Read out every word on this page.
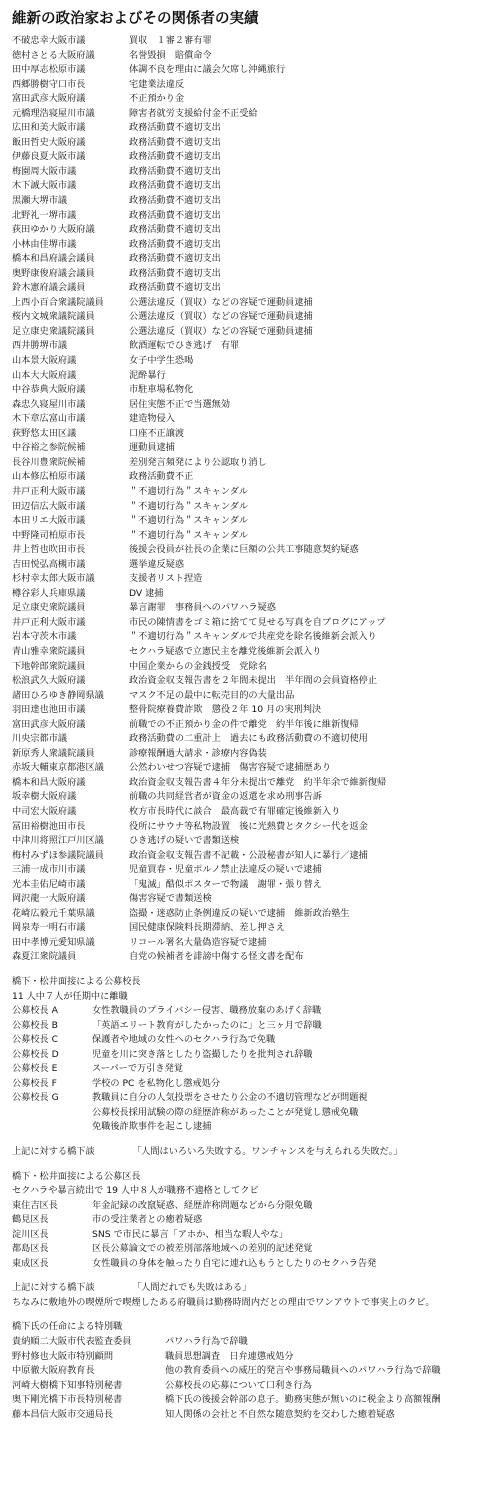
維新の政治家およびその関係者の実績
不破忠幸大阪市議	買収　１審２審有罪
徳村さとる大阪府議	名誉毀損　賠償命令
田中厚志松原市議	体調不良を理由に議会欠席し沖縄旅行
西郷勝樹守口市長	宅建業法違反
富田武彦大阪府議	不正預かり金
元橋理浩寝屋川市議	障害者就労支援給付金不正受給
広田和美大阪市議	政務活動費不適切支出
飯田哲史大阪府議	政務活動費不適切支出
伊藤良夏大阪市議	政務活動費不適切支出
梅園周大阪市議	政務活動費不適切支出
木下誠大阪市議	政務活動費不適切支出
黒瀬大堺市議	政務活動費不適切支出
北野礼一堺市議	政務活動費不適切支出
荻田ゆかり大阪府議	政務活動費不適切支出
小林由佳堺市議	政務活動費不適切支出
橋本和昌府議会議員	政務活動費不適切支出
奥野康俊府議会議員	政務活動費不適切支出
鈴木憲府議会議員	政務活動費不適切支出
上西小百合衆議院議員	公選法違反（買収）などの容疑で運動員逮捕
桜内文城衆議院議員	公選法違反（買収）などの容疑で運動員逮捕
足立康史衆議院議員	公選法違反（買収）などの容疑で運動員逮捕
西井勝堺市議	飲酒運転でひき逃げ　有罪
山本景大阪府議	女子中学生恐喝
山本大大阪府議	泥酔暴行
中谷恭典大阪府議	市駐車場私物化
森忠久寝屋川市議	居住実態不正で当選無効
木下章広富山市議	建造物侵入
荻野悠太田区議	口座不正譲渡
中谷裕之参院候補	運動員逮捕
長谷川豊衆院候補	差別発言頻発により公認取り消し
山本修広柏原市議	政務活動費不正
井戸正利大阪市議	＂不適切行為＂スキャンダル
田辺信広大阪市議	＂不適切行為＂スキャンダル
本田リエ大阪市議	＂不適切行為＂スキャンダル
中野隆司柏原市長	＂不適切行為＂スキャンダル
井上哲也吹田市長	後援会役員が社長の企業に巨額の公共工事随意契約疑惑
吉田悦弘高槻市議	選挙違反疑惑
杉村幸太郎大阪市議	支援者リスト捏造
樽谷彩人兵庫県議	DV 逮捕
足立康史衆院議員	暴言謝罪　事務員へのパワハラ疑惑
井戸正利大阪市議	市民の陳情書をゴミ箱に捨てて見せる写真を自ブログにアップ
岩本守茨木市議	＂不適切行為＂スキャンダルで共産党を除名後維新会派入り
青山雅幸衆院議員	セクハラ疑惑で立憲民主を離党後維新会派入り
下地幹郎衆院議員	中国企業からの金銭授受　党除名
松浪武久大阪府議	政治資金収支報告書を２年間未提出　半年間の会員資格停止
諸田ひろゆき静岡県議	マスク不足の最中に転売目的の大量出品
羽田達也池田市議	整骨院療養費詐欺　懲役２年 10 月の実刑判決
富田武彦大阪府議	前職での不正預かり金の件で離党　約半年後に維新復帰
川央宗都市議	政務活動費の二重計上　過去にも政務活動費の不適切使用
新原秀人衆議院議員	診療報酬過大請求・診療内容偽装
赤坂大輔東京都港区議	公然わいせつ容疑で逮捕　傷害容疑で逮捕歴あり
橋本和昌大阪府議	政治資金収支報告書４年分未提出で離党　約半年余で維新復帰
坂幸樹大阪府議	前職の共同経営者が資金の返還を求め刑事告訴
中司宏大阪府議	枚方市長時代に談合　最高裁で有罪確定後維新入り
冨田裕樹池田市長	役所にサウナ等私物設置　後に光熱費とタクシー代を返金
中津川将照江戸川区議	ひき逃げの疑いで書類送検
梅村みずほ参議院議員	政治資金収支報告書不記載・公設秘書が知人に暴行／逮捕
三浦一成市川市議	児童買春・児童ポルノ禁止法違反の疑いで逮捕
光本圭佑尼崎市議	「鬼滅」酷似ポスターで物議　謝罪・張り替え
岡沢龍一大阪府議	傷害容疑で書類送検
花崎広毅元千葉県議	盗撮・迷惑防止条例違反の疑いで逮捕　維新政治塾生
岡泉寿一明石市議	国民健康保険料長期滞納、差し押さえ
田中孝博元愛知県議	リコール署名大量偽造容疑で逮捕
森夏江衆院議員	自党の候補者を誹謗中傷する怪文書を配布
橋下・松井面接による公募校長
11 人中７人が任期中に離職
公募校長 A	女性教職員のプライバシー侵害、職務放棄のあげく辞職
公募校長 B	「英語エリート教育がしたかったのに」と三ヶ月で辞職
公募校長 C	保護者や地域の女性へのセクハラ行為で免職
公募校長 D	児童を川に突き落としたり盗撮したりを批判され辞職
公募校長 E	スーパーで万引き発覚
公募校長 F	学校の PC を私物化し懲戒処分
公募校長 G	教職員に自分の人気投票をさせたり公金の不適切管理などが問題視
公募校長採用試験の際の経歴詐称があったことが発覚し懲戒免職
免職後詐欺事件を起こし逮捕
上記に対する橋下談	「人間はいろいろ失敗する。ワンチャンスを与えられる失敗だ。」
橋下・松井面接による公募区長
セクハラや暴言続出で 19 人中８人が職務不適格としてクビ
東住吉区長	年金記録の改竄疑惑、経歴詐称問題などから分限免職
鶴見区長	市の受注業者との癒着疑惑
淀川区長	SNS で市民に暴言「アホか、相当な暇人やな」
都島区長	区長公募論文での被差別部落地域への差別的記述発覚
東成区長	女性職員の身体を触ったり自宅に連れ込もうとしたりのセクハラ告発
上記に対する橋下談	「人間だれでも失敗はある」
ちなみに敷地外の喫煙所で喫煙したある府職員は勤務時間内だとの理由でワンアウトで事実上のクビ。
橋下氏の任命による特別職
貴納順二大阪市代表監査委員	パワハラ行為で辞職
野村修也大阪市特別顧問	職員思想調査　日弁連懲戒処分
中原徹大阪府教育長	他の教育委員への威圧的発言や事務局職員へのパワハラ行為で辞職
河崎大樹橋下知事特別秘書	公募校長の応募について口利き行為
奥下剛光橋下市長特別秘書	橋下氏の後援会幹部の息子。勤務実態が無いのに税金より高額報酬
藤本昌信大阪市交通局長	知人関係の会社と不自然な随意契約を交わした癒着疑惑
